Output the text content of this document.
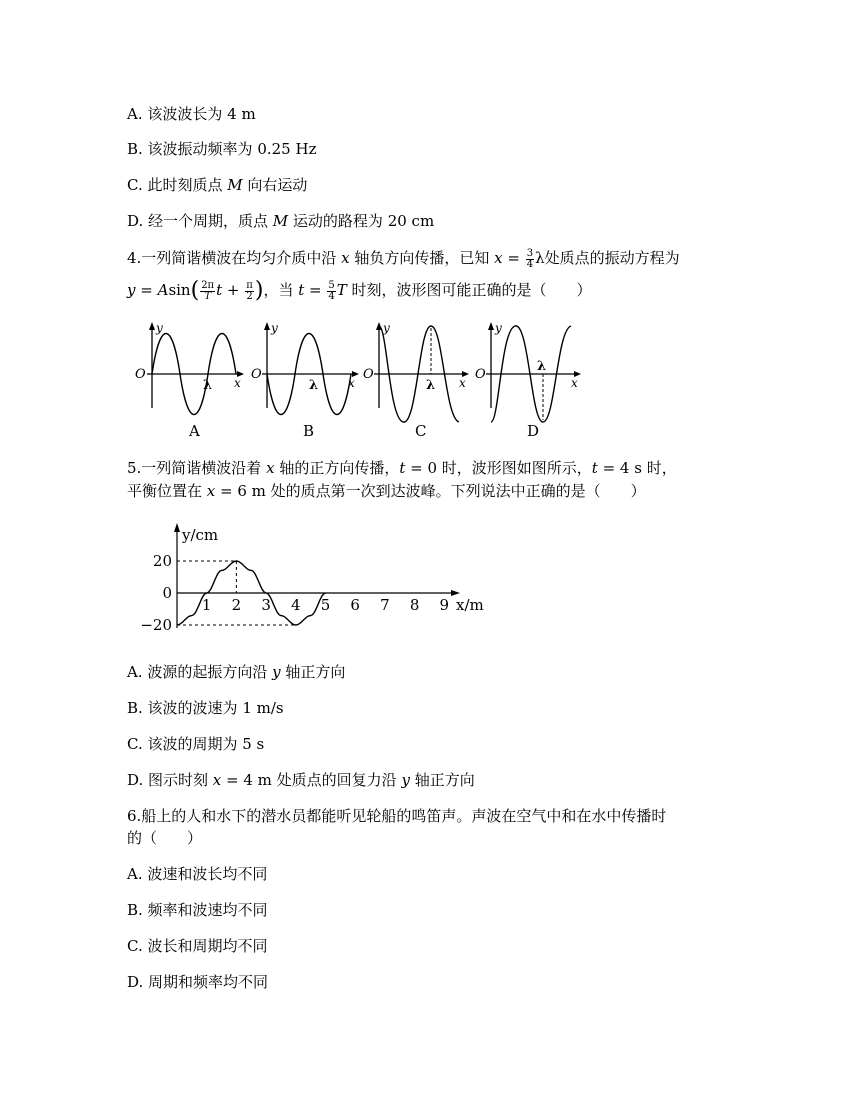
A. 该波波长为 4 m
B. 该波振动频率为 0.25 Hz
C. 此时刻质点 M 向右运动
D. 经一个周期，质点 M 运动的路程为 20 cm
4.一列简谐横波在均匀介质中沿 x 轴负方向传播，已知 $x = \frac{3}{4}$ λ处质点的振动方程为
$y = Asin( \frac{2\pi}{T}$ $t + \frac{\pi}{2}$ )，当 $t = \frac{5}{4}$ T 时刻，波形图可能正确的是（　　）
y
O
λ x
y
O
λ x
y
O
λ x
y
O
λ
x
A	B	C	D
5.一列简谐横波沿着 x 轴的正方向传播，t = 0 时，波形图如图所示，t = 4 s 时，
平衡位置在 x = 6 m 处的质点第一次到达波峰。下列说法中正确的是（　　）
y/cm
x/m
20
0
−20
1 2 3 4 5 6 7 8 9
A. 波源的起振方向沿 y 轴正方向
B. 该波的波速为 1 m/s
C. 该波的周期为 5 s
D. 图示时刻 x = 4 m 处质点的回复力沿 y 轴正方向
6.船上的人和水下的潜水员都能听见轮船的鸣笛声。声波在空气中和在水中传播时
的（　　）
A. 波速和波长均不同
B. 频率和波速均不同
C. 波长和周期均不同
D. 周期和频率均不同
